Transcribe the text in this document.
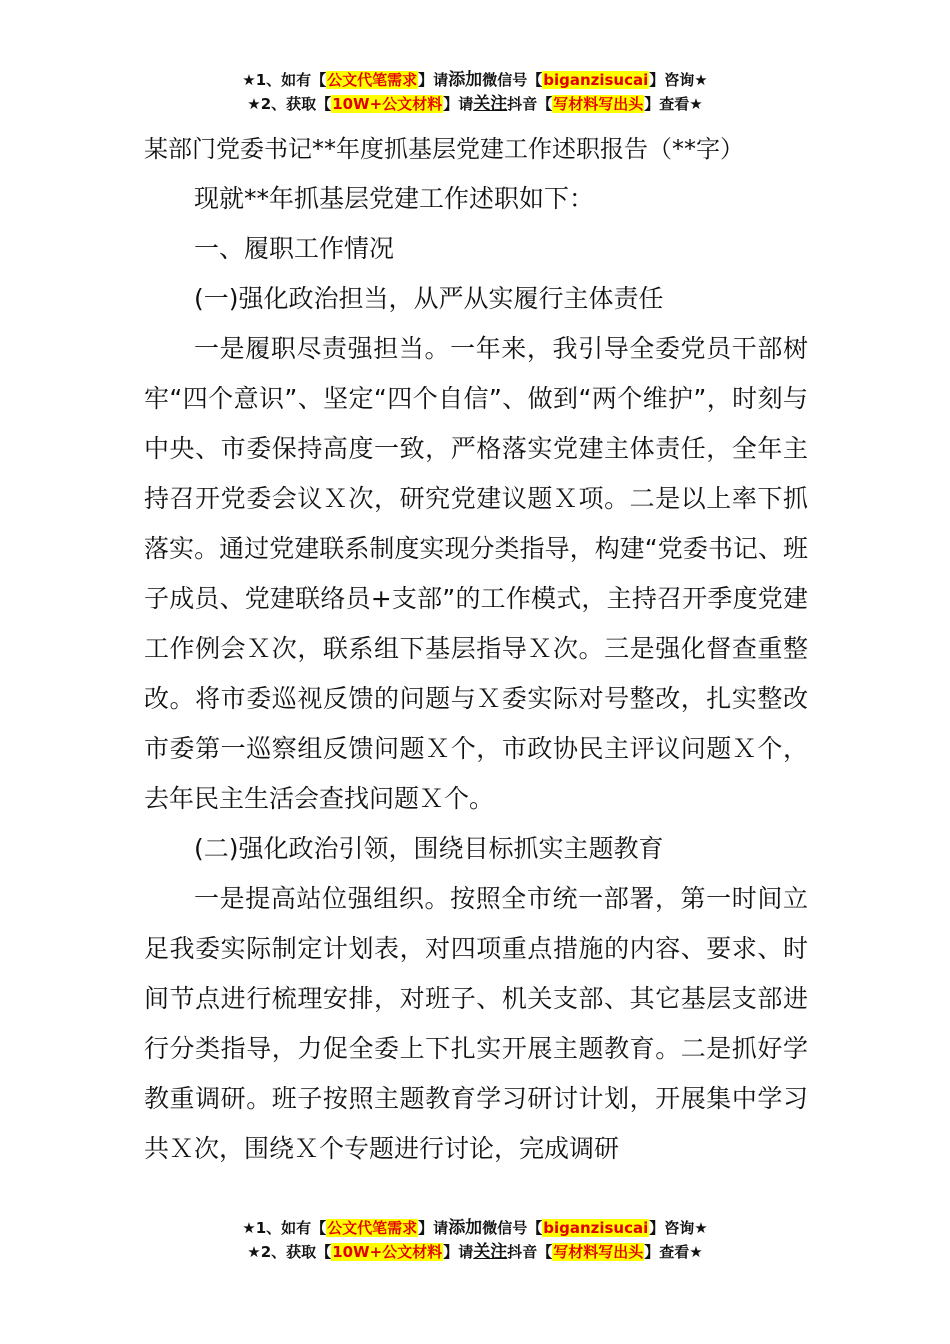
★1、如有【公文代笔需求】请添加微信号【biganzisucai】咨询★
★2、获取【10W+公文材料】请关注抖音【写材料写出头】查看★

某部门党委书记**年度抓基层党建工作述职报告（**字）

现就**年抓基层党建工作述职如下：

一、履职工作情况

(一)强化政治担当，从严从实履行主体责任

一是履职尽责强担当。一年来，我引导全委党员干部树牢“四个意识”、坚定“四个自信”、做到“两个维护”，时刻与中央、市委保持高度一致，严格落实党建主体责任，全年主持召开党委会议Ｘ次，研究党建议题Ｘ项。二是以上率下抓落实。通过党建联系制度实现分类指导，构建“党委书记、班子成员、党建联络员+支部”的工作模式，主持召开季度党建工作例会Ｘ次，联系组下基层指导Ｘ次。三是强化督查重整改。将市委巡视反馈的问题与Ｘ委实际对号整改，扎实整改市委第一巡察组反馈问题Ｘ个，市政协民主评议问题Ｘ个，去年民主生活会查找问题Ｘ个。

(二)强化政治引领，围绕目标抓实主题教育

一是提高站位强组织。按照全市统一部署，第一时间立足我委实际制定计划表，对四项重点措施的内容、要求、时间节点进行梳理安排，对班子、机关支部、其它基层支部进行分类指导，力促全委上下扎实开展主题教育。二是抓好学教重调研。班子按照主题教育学习研讨计划，开展集中学习共Ｘ次，围绕Ｘ个专题进行讨论，完成调研

★1、如有【公文代笔需求】请添加微信号【biganzisucai】咨询★
★2、获取【10W+公文材料】请关注抖音【写材料写出头】查看★
